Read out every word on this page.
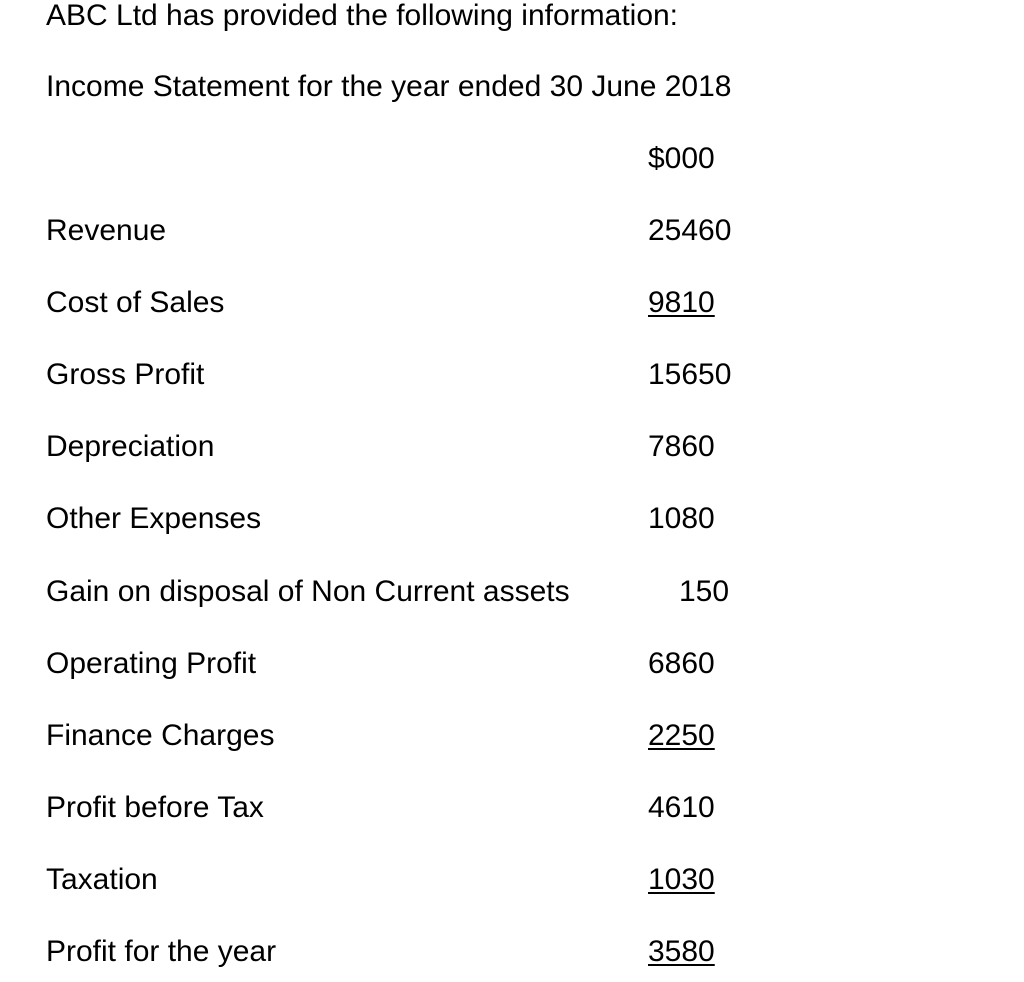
ABC Ltd has provided the following information:
Income Statement for the year ended 30 June 2018
$000
Revenue	25460
Cost of Sales	9810
Gross Profit	15650
Depreciation	7860
Other Expenses	1080
Gain on disposal of Non Current assets	150
Operating Profit	6860
Finance Charges	2250
Profit before Tax	4610
Taxation	1030
Profit for the year	3580
